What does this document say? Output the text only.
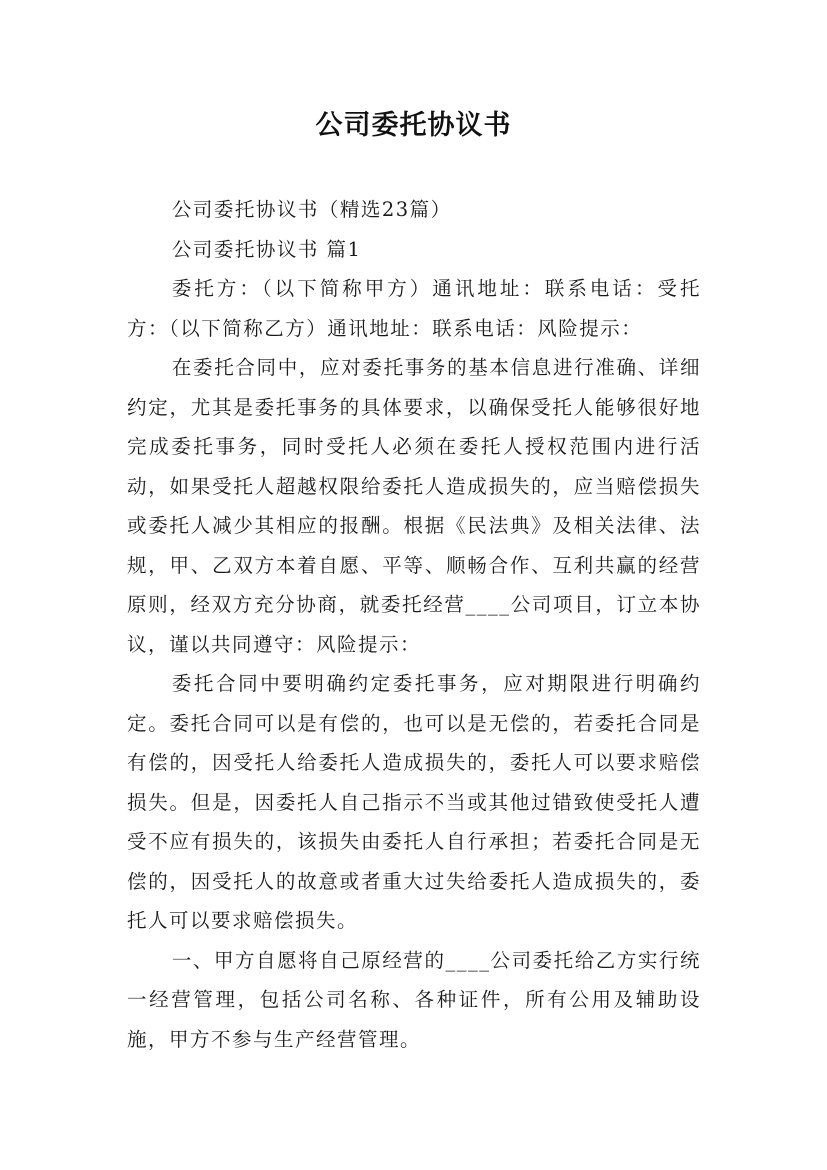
公司委托协议书

公司委托协议书（精选23篇）

公司委托协议书 篇1

委托方：（以下简称甲方）通讯地址：联系电话：受托方：（以下简称乙方）通讯地址：联系电话：风险提示：

在委托合同中，应对委托事务的基本信息进行准确、详细约定，尤其是委托事务的具体要求，以确保受托人能够很好地完成委托事务，同时受托人必须在委托人授权范围内进行活动，如果受托人超越权限给委托人造成损失的，应当赔偿损失或委托人减少其相应的报酬。根据《民法典》及相关法律、法规，甲、乙双方本着自愿、平等、顺畅合作、互利共赢的经营原则，经双方充分协商，就委托经营____公司项目，订立本协议，谨以共同遵守：风险提示：

委托合同中要明确约定委托事务，应对期限进行明确约定。委托合同可以是有偿的，也可以是无偿的，若委托合同是有偿的，因受托人给委托人造成损失的，委托人可以要求赔偿损失。但是，因委托人自己指示不当或其他过错致使受托人遭受不应有损失的，该损失由委托人自行承担；若委托合同是无偿的，因受托人的故意或者重大过失给委托人造成损失的，委托人可以要求赔偿损失。

一、甲方自愿将自己原经营的____公司委托给乙方实行统一经营管理，包括公司名称、各种证件，所有公用及辅助设施，甲方不参与生产经营管理。
